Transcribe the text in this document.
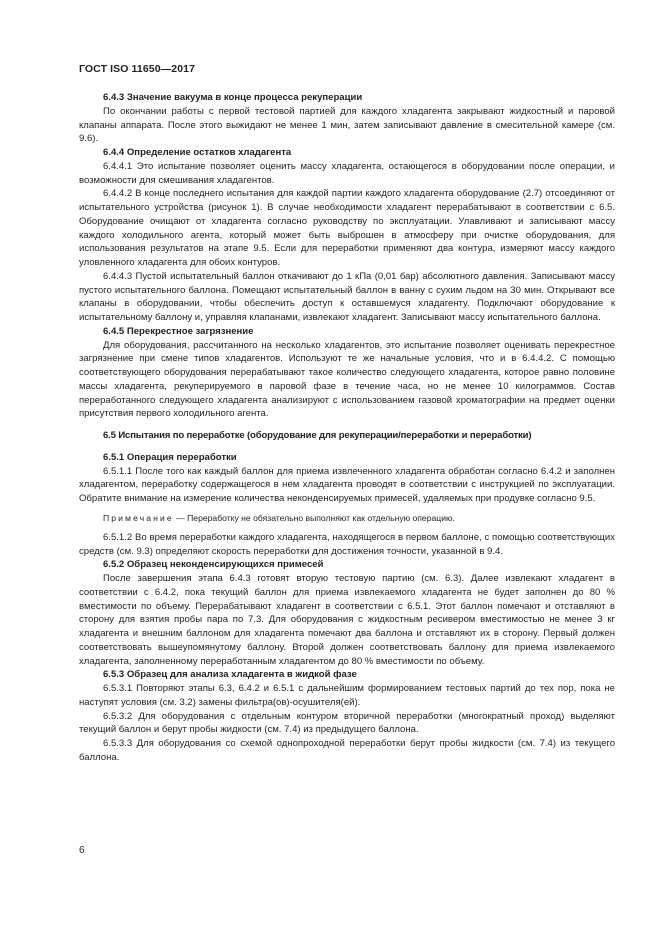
ГОСТ ISO 11650—2017
6.4.3 Значение вакуума в конце процесса рекуперации

По окончании работы с первой тестовой партией для каждого хладагента закрывают жидкостный и паровой клапаны аппарата. После этого выжидают не менее 1 мин, затем записывают давление в смесительной камере (см. 9.6).

6.4.4 Определение остатков хладагента

6.4.4.1 Это испытание позволяет оценить массу хладагента, остающегося в оборудовании после операции, и возможности для смешивания хладагентов.

6.4.4.2 В конце последнего испытания для каждой партии каждого хладагента оборудование (2.7) отсоединяют от испытательного устройства (рисунок 1). В случае необходимости хладагент перерабатывают в соответствии с 6.5. Оборудование очищают от хладагента согласно руководству по эксплуатации. Улавливают и записывают массу каждого холодильного агента, который может быть выброшен в атмосферу при очистке оборудования, для использования результатов на этапе 9.5. Если для переработки применяют два контура, измеряют массу каждого уловленного хладагента для обоих контуров.

6.4.4.3 Пустой испытательный баллон откачивают до 1 кПа (0,01 бар) абсолютного давления. Записывают массу пустого испытательного баллона. Помещают испытательный баллон в ванну с сухим льдом на 30 мин. Открывают все клапаны в оборудовании, чтобы обеспечить доступ к оставшемуся хладагенту. Подключают оборудование к испытательному баллону и, управляя клапанами, извлекают хладагент. Записывают массу испытательного баллона.

6.4.5 Перекрестное загрязнение

Для оборудования, рассчитанного на несколько хладагентов, это испытание позволяет оценивать перекрестное загрязнение при смене типов хладагентов. Используют те же начальные условия, что и в 6.4.4.2. С помощью соответствующего оборудования перерабатывают такое количество следующего хладагента, которое равно половине массы хладагента, рекуперируемого в паровой фазе в течение часа, но не менее 10 килограммов. Состав переработанного следующего хладагента анализируют с использованием газовой хроматографии на предмет оценки присутствия первого холодильного агента.

6.5 Испытания по переработке (оборудование для рекуперации/переработки и переработки)
6.5.1 Операция переработки

6.5.1.1 После того как каждый баллон для приема извлеченного хладагента обработан согласно 6.4.2 и заполнен хладагентом, переработку содержащегося в нем хладагента проводят в соответствии с инструкцией по эксплуатации. Обратите внимание на измерение количества неконденсируемых примесей, удаляемых при продувке согласно 9.5.

Примечание — Переработку не обязательно выполняют как отдельную операцию.

6.5.1.2 Во время переработки каждого хладагента, находящегося в первом баллоне, с помощью соответствующих средств (см. 9.3) определяют скорость переработки для достижения точности, указанной в 9.4.

6.5.2 Образец неконденсирующихся примесей

После завершения этапа 6.4.3 готовят вторую тестовую партию (см. 6.3). Далее извлекают хладагент в соответствии с 6.4.2, пока текущий баллон для приема извлекаемого хладагента не будет заполнен до 80 % вместимости по объему. Перерабатывают хладагент в соответствии с 6.5.1. Этот баллон помечают и отставляют в сторону для взятия пробы пара по 7.3. Для оборудования с жидкостным ресивером вместимостью не менее 3 кг хладагента и внешним баллоном для хладагента помечают два баллона и отставляют их в сторону. Первый должен соответствовать вышеупомянутому баллону. Второй должен соответствовать баллону для приема извлекаемого хладагента, заполненному переработанным хладагентом до 80 % вместимости по объему.

6.5.3 Образец для анализа хладагента в жидкой фазе

6.5.3.1 Повторяют этапы 6.3, 6.4.2 и 6.5.1 с дальнейшим формированием тестовых партий до тех пор, пока не наступят условия (см. 3.2) замены фильтра(ов)-осушителя(ей).

6.5.3.2 Для оборудования с отдельным контуром вторичной переработки (многократный проход) выделяют текущий баллон и берут пробы жидкости (см. 7.4) из предыдущего баллона.

6.5.3.3 Для оборудования со схемой однопроходной переработки берут пробы жидкости (см. 7.4) из текущего баллона.

6
